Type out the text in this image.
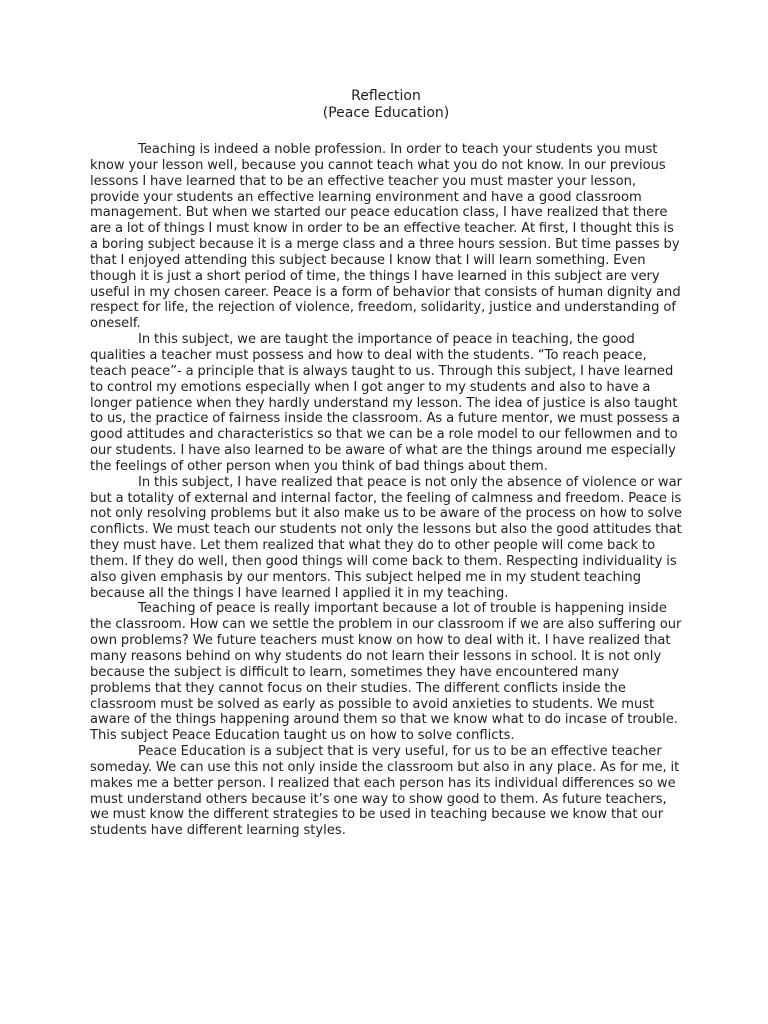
Reflection
(Peace Education)

Teaching is indeed a noble profession. In order to teach your students you must know your lesson well, because you cannot teach what you do not know. In our previous lessons I have learned that to be an effective teacher you must master your lesson, provide your students an effective learning environment and have a good classroom management. But when we started our peace education class, I have realized that there are a lot of things I must know in order to be an effective teacher. At first, I thought this is a boring subject because it is a merge class and a three hours session. But time passes by that I enjoyed attending this subject because I know that I will learn something. Even though it is just a short period of time, the things I have learned in this subject are very useful in my chosen career. Peace is a form of behavior that consists of human dignity and respect for life, the rejection of violence, freedom, solidarity, justice and understanding of oneself.

In this subject, we are taught the importance of peace in teaching, the good qualities a teacher must possess and how to deal with the students. “To reach peace, teach peace”- a principle that is always taught to us. Through this subject, I have learned to control my emotions especially when I got anger to my students and also to have a longer patience when they hardly understand my lesson. The idea of justice is also taught to us, the practice of fairness inside the classroom. As a future mentor, we must possess a good attitudes and characteristics so that we can be a role model to our fellowmen and to our students. I have also learned to be aware of what are the things around me especially the feelings of other person when you think of bad things about them.

In this subject, I have realized that peace is not only the absence of violence or war but a totality of external and internal factor, the feeling of calmness and freedom. Peace is not only resolving problems but it also make us to be aware of the process on how to solve conflicts. We must teach our students not only the lessons but also the good attitudes that they must have. Let them realized that what they do to other people will come back to them. If they do well, then good things will come back to them. Respecting individuality is also given emphasis by our mentors. This subject helped me in my student teaching because all the things I have learned I applied it in my teaching.

Teaching of peace is really important because a lot of trouble is happening inside the classroom. How can we settle the problem in our classroom if we are also suffering our own problems? We future teachers must know on how to deal with it. I have realized that many reasons behind on why students do not learn their lessons in school. It is not only because the subject is difficult to learn, sometimes they have encountered many problems that they cannot focus on their studies. The different conflicts inside the classroom must be solved as early as possible to avoid anxieties to students. We must aware of the things happening around them so that we know what to do incase of trouble. This subject Peace Education taught us on how to solve conflicts.

Peace Education is a subject that is very useful, for us to be an effective teacher someday. We can use this not only inside the classroom but also in any place. As for me, it makes me a better person. I realized that each person has its individual differences so we must understand others because it’s one way to show good to them. As future teachers, we must know the different strategies to be used in teaching because we know that our students have different learning styles.
